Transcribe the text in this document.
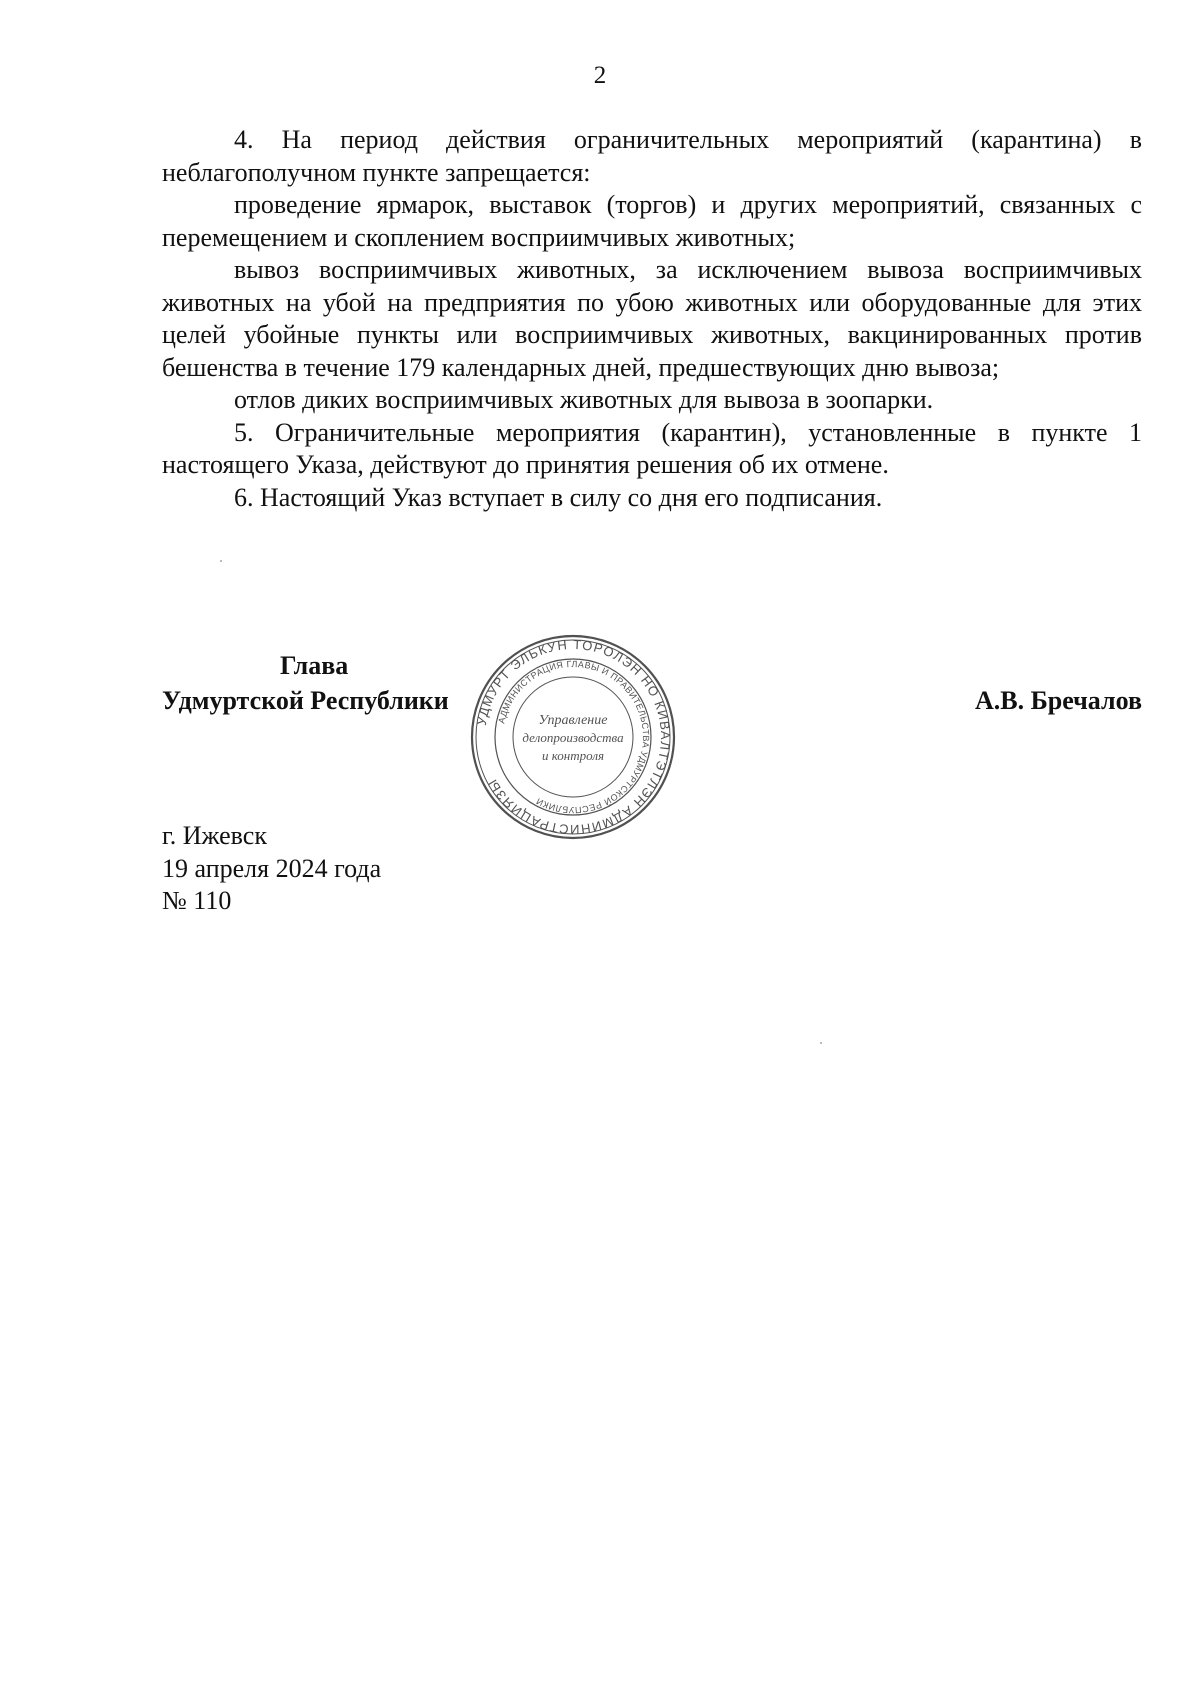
2

4. На период действия ограничительных мероприятий (карантина) в неблагополучном пункте запрещается:

проведение ярмарок, выставок (торгов) и других мероприятий, связанных с перемещением и скоплением восприимчивых животных;

вывоз восприимчивых животных, за исключением вывоза восприимчивых животных на убой на предприятия по убою животных или оборудованные для этих целей убойные пункты или восприимчивых животных, вакцинированных против бешенства в течение 179 календарных дней, предшествующих дню вывоза;

отлов диких восприимчивых животных для вывоза в зоопарки.

5. Ограничительные мероприятия (карантин), установленные в пункте 1 настоящего Указа, действуют до принятия решения об их отмене.

6. Настоящий Указ вступает в силу со дня его подписания.

Глава
Удмуртской Республики	А.В. Бречалов
УДМУРТ ЭЛЬКУН ТОРОЛЭН НО КИВАЛТЭТЛЭН АДМИНИСТРАЦИЯЗЫ
АДМИНИСТРАЦИЯ ГЛАВЫ И ПРАВИТЕЛЬСТВА УДМУРТСКОЙ РЕСПУБЛИКИ
Управление
делопроизводства
и контроля
г. Ижевск
19 апреля 2024 года
№ 110
